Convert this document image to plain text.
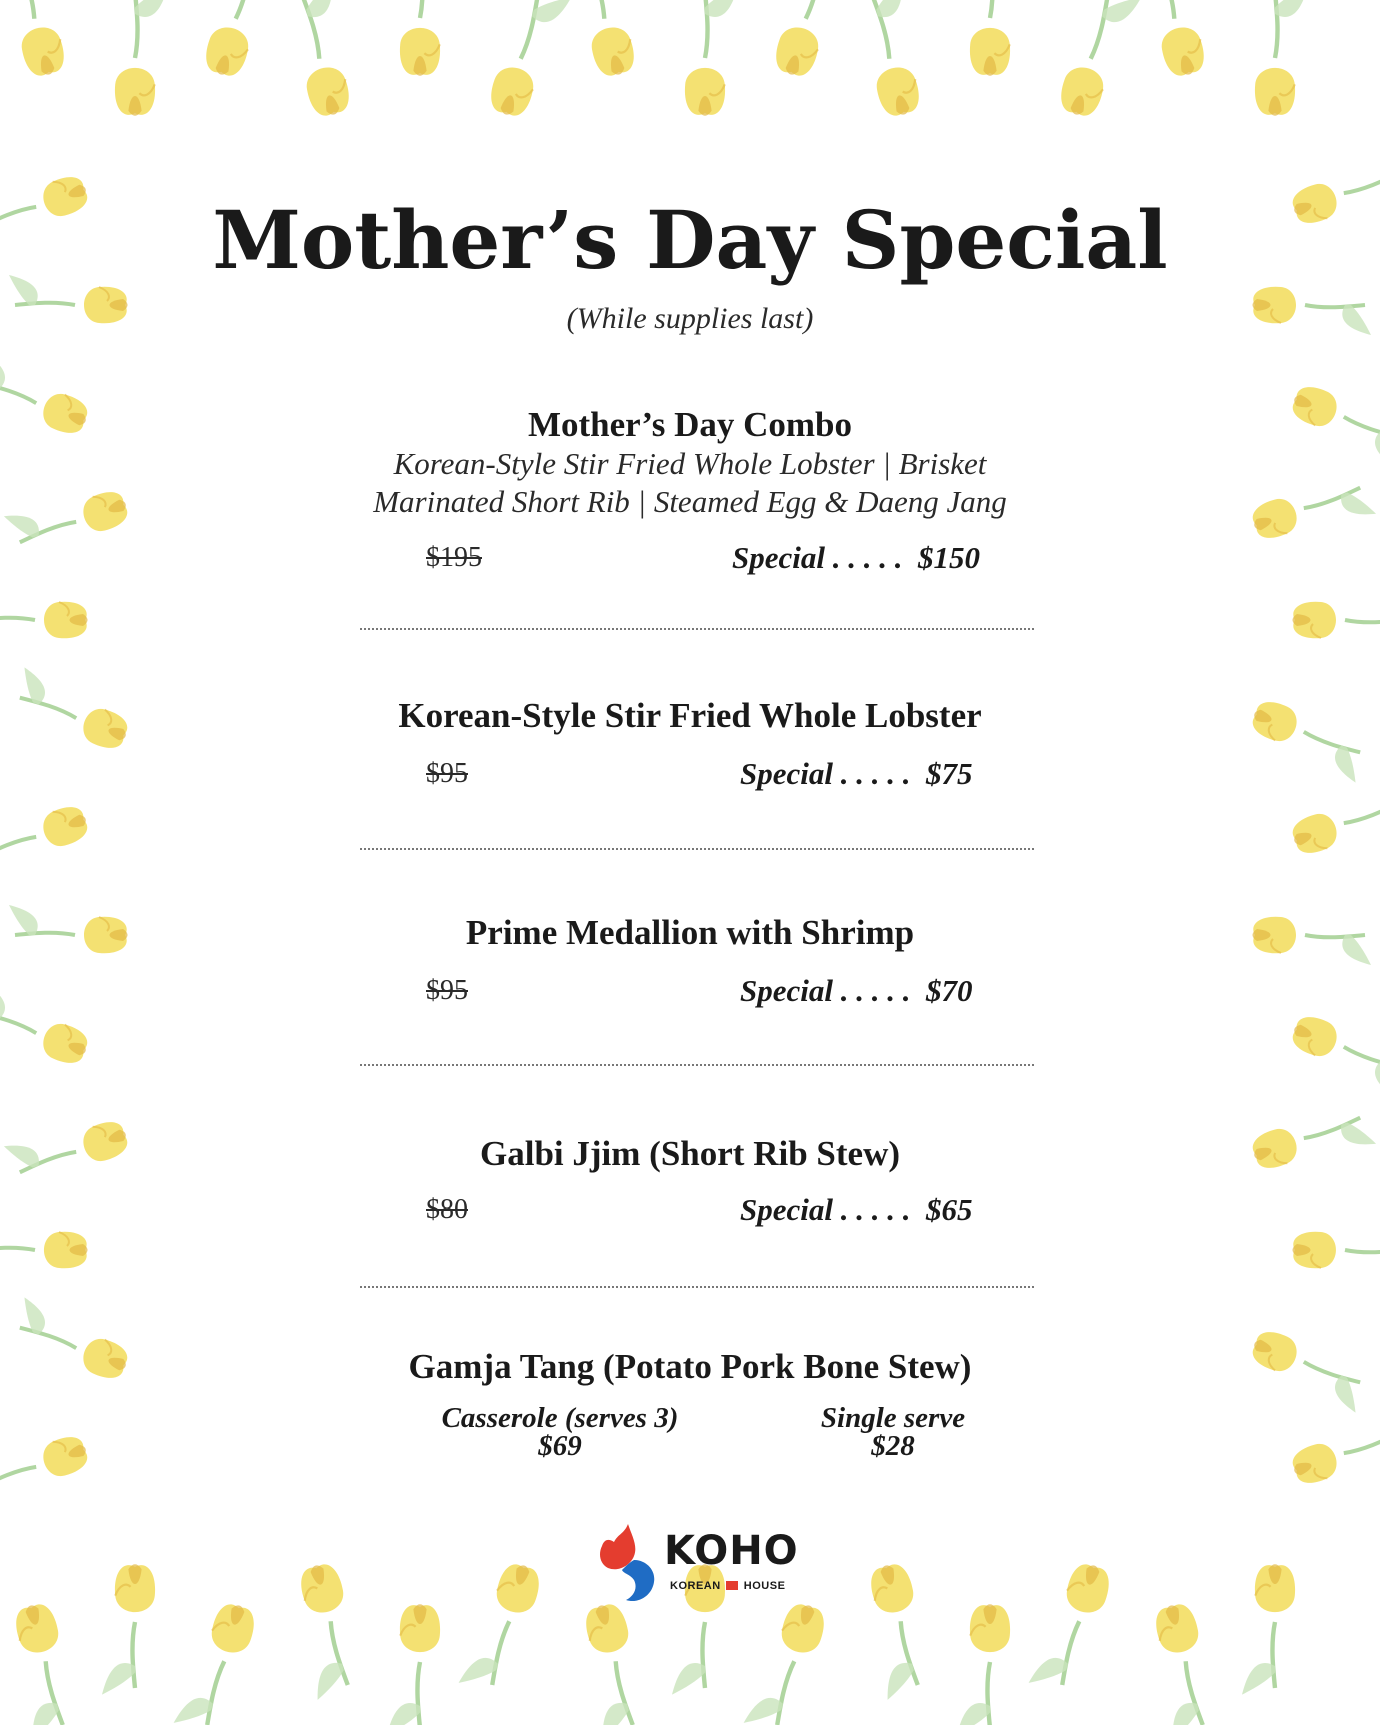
Mother’s Day Special
(While supplies last)
Mother’s Day Combo
Korean-Style Stir Fried Whole Lobster | Brisket
Marinated Short Rib | Steamed Egg & Daeng Jang
$195	Special . . . . .  $150
Korean-Style Stir Fried Whole Lobster
$95	Special . . . . .  $75
Prime Medallion with Shrimp
$95	Special . . . . .  $70
Galbi Jjim (Short Rib Stew)
$80	Special . . . . .  $65
Gamja Tang (Potato Pork Bone Stew)
Casserole (serves 3)
$69
Single serve
$28
KOHO
KOREAN HOUSE
